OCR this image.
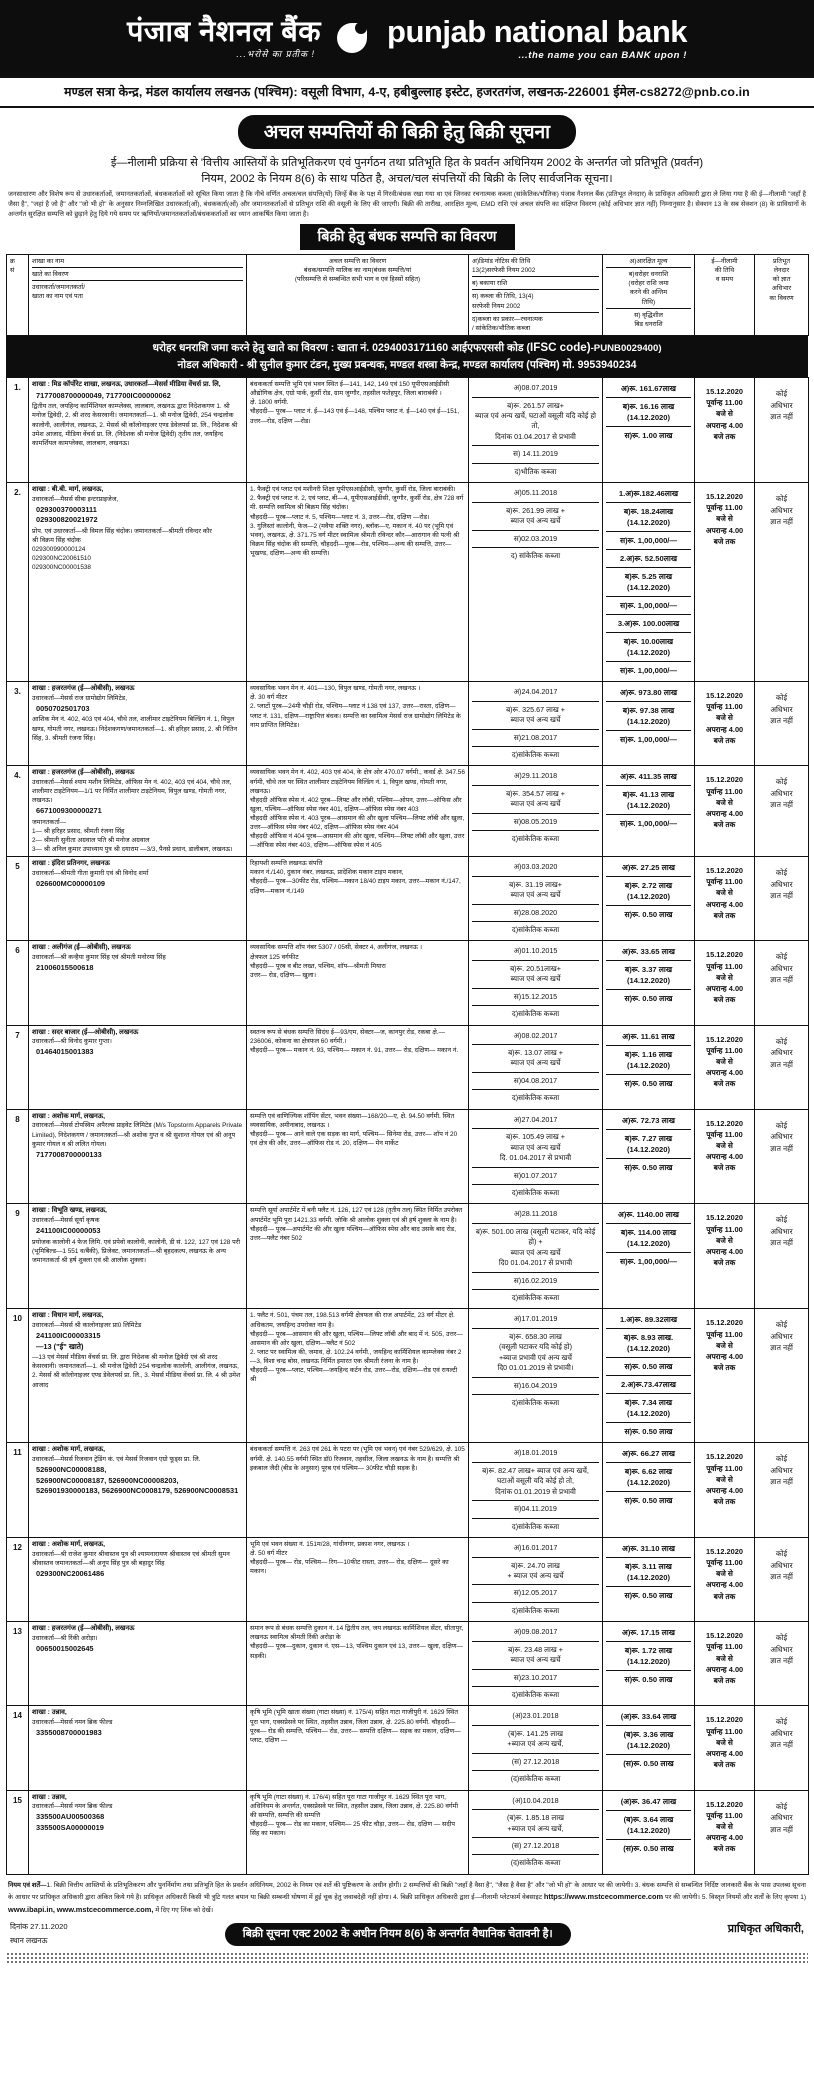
पंजाब नैशनल बैंक
...भरोसे का प्रतीक !
punjab national bank
...the name you can BANK upon !
मण्डल सत्रा केन्द्र, मंडल कार्यालय लखनऊ (पश्चिम): वसूली विभाग, 4-ए, हबीबुल्लाह इस्टेट, हजरतगंज, लखनऊ-226001 ईमेल-cs8272@pnb.co.in
अचल सम्पत्तियों की बिक्री हेतु बिक्री सूचना
ई—नीलामी प्रक्रिया से 'वित्तीय आस्तियों के प्रतिभूतिकरण एवं पुनर्गठन तथा प्रतिभूति हित के प्रवर्तन अधिनियम 2002 के अन्तर्गत जो प्रतिभूति (प्रवर्तन)
नियम, 2002 के नियम 8(6) के साथ पठित है, अचल/चल संपत्तियों की बिक्री के लिए सार्वजनिक सूचना।
जनसाधारण और विशेष रूप से उधारकर्ताओं, जमानतकर्ताओं, बंधककर्ताओं को सूचित किया जाता है कि नीचे वर्णित अचल/चल संपत्ति(यों) जिन्हें बैंक के पक्ष में गिरवी/बंधक रखा गया था एवं जिनका रचनात्मक कब्जा (सांकेतिक/भौतिक) पंजाब नैशनल बैंक (प्रतिभूत लेनदार) के प्राधिकृत अधिकारी द्वारा ले लिया गया है की ई—नीलामी "जहाँ है जैसा है", "जहां है जो है" और "जो भी हो" के अनुसार निम्नलिखित उधारकर्ता(ओं), बंधककर्ता(ओं) और जमानतकर्ताओं से प्रतिभूत राशि की वसूली के लिए की जाएगी। बिक्री की तारीख, आरक्षित मूल्य, EMD राशि एवं अचल संपत्ति का संक्षिप्त विवरण (कोई अधिभार ज्ञात नहीं) निम्नानुसार है। सेक्शन 13 के सब सेक्शन (8) के प्राविधानों के अन्तर्गत सुरक्षित सम्पत्ति को छुड़ाने हेतु दिये गये समय पर ऋणियों/जमानतकर्ताओं/बंधककर्ताओं का ध्यान आकर्षित किया जाता है।
बिक्री हेतु बंधक सम्पत्ति का विवरण
क्र
सं

शाखा का नाम
खाते का विवरण
उधारकर्ता/जमानतकर्ता/
खाता का नाम एवं पता

अचल सम्पत्ति का विवरण
बंधक/सम्पत्ति मालिक का नाम(बंधक सम्पत्ति/यां
(परिसम्पत्ति से सम्बन्धित सभी भाग व एवं हिस्सों सहित)

अ)डिमांड नोटिस की तिथि
13(2)सरफेसी नियम 2002
ब) बकाया राशि
स) कब्जा की तिथि, 13(4)
सरफेसी नियम 2002
द)कब्जा का प्रकार—रचनात्मक
/ सांकेतिक/भौतिक कब्जा

अ)आरक्षित मूल्य
ब)धरोहर धनराशि
(धरोहर राशि जमा
करने की अन्तिम
तिथि)
स) वृद्धिशील
बिड धनराशि

ई—नीलामी
की तिथि
व समय

प्रतिभूत
लेनदार
को ज्ञात
अधिभार
का विवरण
धरोहर धनराशि जमा करने हेतु खाते का विवरण : खाता नं. 0294003171160 आईएफएससी कोड (IFSC code)-PUNB0029400)
नोडल अधिकारी - श्री सुनील कुमार टंडन, मुख्य प्रबन्धक, मण्डल शस्त्रा केन्द्र, मण्डल कार्यालय (पश्चिम) मो. 9953940234
1.	शाखा : मिड कॉर्पोरेट शाखा, लखनऊ, उधारकर्ता—मेसर्स मीडिया वेंचर्स प्रा. लि,
7177008700000049, 717700IC00000062
द्वितीय तल, जयहिन्द कार्मिशियल काम्प्लेक्स, लालबाग, लखनऊ द्वारा निदेशकगण 1. श्री मनोज द्विवेदी, 2. श्री शरद केसरवानी। जमानतकर्ता—1. श्री मनोज द्विवेदी, 254 चन्द्रलोक कालोनी, आलीगंज, लखनऊ, 2. मेसर्स श्री कॉलोनाइजर एण्ड डेवेलपर्स प्रा. लि., निदेशक श्री उमेश आजाद, मीडिया वेंचर्स प्रा. लि. (निदेशक श्री मनोज द्विवेदी) तृतीय तल, जयहिन्द कामर्शियल कामप्लेक्स, लालबाग, लखनऊ।

बंधककर्ता सम्पत्ति भूमि एवं भवन स्थित ई—141, 142, 149 एवं 150 यूपीएसआईडीसी औद्योगिक क्षेत्र, एग्रो पार्क, कुर्सी रोड, ग्राम जुग्गौर, तहसील फतेहपुर, जिला बाराबंकी ।
क्षे. 1800 वर्गमी.
चौहददी— पूरब— प्लाट नं. ई—143 एवं ई—148, पश्चिम प्लाट नं. ई—140 एवं ई—151, उत्तर—रोड, दक्षिण —रोड।

अ)08.07.2019
ब)रू. 261.57 लाख+
ब्याज एवं अन्य खर्चे, घटाओं वसूली यदि कोई हो तो,
दिनांक 01.04.2017 से प्रभावी
स) 14.11.2019
द)भौतिक कब्जा

अ)रू. 161.67लाख
ब)रू. 16.16 लाख
(14.12.2020)
स)रू. 1.00 लाख

15.12.2020
पूर्वान्ह 11.00
बजे से
अपरान्ह 4.00
बजे तक

कोई
अधिभार
ज्ञात नहीं

2.	शाखा : बी.बी. मार्ग, लखनऊ,
उधारकर्ता—मैसर्स सीबा इन्टरप्राइजेज,
029300370003111
029300820021972
प्रोप. एवं उधारकर्ता—श्री विमल सिंह चंदोक। जमानतकर्ता—श्रीमती रविन्दर कौर
श्री विक्रम सिंह चंदोक
029300990000124
029300NC20061510
029300NC00001538

1. फैक्ट्री एवं प्लाट एवं मशीनरी शिक्षा यूपीएसआईडीसी, जुग्गौर, कुर्सी रोड, जिला बाराबंकी।
2. फैक्ट्री एवं प्लाट नं. 2, एवं प्लाट, बी—4, यूपीएसआईडीसी, जुग्गौर, कुर्सी रोड, क्षेत्र 728 वर्ग मी. सम्पत्ति स्वामित्व श्री बिक्रम सिंह चंदोक।
चौहददी— पूरब—प्लाट नं. 5, पश्चिम—प्लाट नं. 3, उत्तर—रोड, दक्षिण —रोड।
3. गुलिस्तां कालोनी, फेज—2 (मवैया शक्ति नगर), ब्लॉक—ए, मकान नं. 40 पर (भूमि एवं भवन), लखनऊ, क्षे. 371.75 वर्ग मीटर स्वामित्व श्रीमती रविन्दर कौर—आरागान की पत्नी श्री विक्रम सिंह चंदोक की सम्पत्ति, चौहददी—पूरब—रोड, पश्चिम—अन्य की सम्पत्ति, उत्तर—भूखण्ड, दक्षिण—अन्य की सम्पत्ति।

अ)05.11.2018
ब)रू. 261.99 लाख +
ब्याज एवं अन्य खर्चे
स)02.03.2019
द) सांकेतिक कब्जा

1.अ)रू.182.46लाख
ब)रू. 18.24लाख
(14.12.2020)
स)रू. 1,00,000/—
2.अ)रू. 52.50लाख
ब)रू. 5.25 लाख
(14.12.2020)
स)रू. 1,00,000/—
3.अ)रू. 100.00लाख
ब)रू. 10.00लाख
(14.12.2020)
स)रू. 1,00,000/—

15.12.2020
पूर्वान्ह 11.00
बजे से
अपरान्ह 4.00
बजे तक

कोई
अधिभार
ज्ञात नहीं

3.	शाखा : हजरतगंज (ई—ओबीसी), लखनऊ
उधारकर्ता—मेसर्स राज ग्रामोद्योग लिमिटेड,
0050702501703
आशिक मेन नं. 402, 403 एवं 404, चौथे तल, शालीमार टाइटेनियम बिल्डिंग नं. 1, विपुल खण्ड, गोमती नगर, लखनऊ। निदेशकगण/जमानतकर्ता—1. श्री हरिहर प्रसाद, 2. श्री नितिन सिंह, 3. श्रीमती रंजना सिंह।

व्यवसायिक भवन मेन नं. 401—130, विपुल खण्ड, गोमती नगर, लखनऊ ।
क्षे. 30 वर्ग मीटर
2. प्लाटों पूरब—24मी चौड़ी रोड, पश्चिम—प्लाट नं 138 एवं 137, उत्तर—रास्ता, दक्षिण—प्लाट नं. 131, दक्षिण—राष्ट्रापित्त बंधक। सम्पत्ति का स्वामित्व मेसर्स राज ग्रामोद्योग लिमिटेड के नाम प्राप्तित लिमिटेड।

अ)24.04.2017
ब)रू. 325.67 लाख +
ब्याज एवं अन्य खर्चे
स)21.08.2017
द)सांकेतिक कब्जा

अ)रू. 973.80 लाख
ब)रू. 97.38 लाख
(14.12.2020)
स)रू. 1,00,000/—

15.12.2020
पूर्वान्ह 11.00
बजे से
अपरान्ह 4.00
बजे तक

कोई
अधिभार
ज्ञात नहीं

4.	शाखा : हजरतगंज (ई—ओबीसी), लखनऊ
उधारकर्ता—मेसर्स श्याम मशीन लिमिटेड, ऑफिस मेन नं. 402, 403 एवं 404, चौथे तल, शालीमार टाइटेनियम—1/1 पर निर्मित शालीमार टाइटेनियम, विपुल खण्ड, गोमती नगर, लखनऊ।
6671009300000271
जमानतकर्ता—
1— श्री हरिहर प्रसाद, श्रीमती रंजना सिंह
2— श्रीमती सुनीता अग्रवाल पति श्री मनोज अग्रवाल
3— श्री अनिल कुमार उपाध्याय पुत्र श्री दयाराम —3/3, पैनसे प्रधान, डालीबाग, लखनऊ।

व्यवसायिक भवन मेन नं. 402, 403 एवं 404, के क्षेत्र ओर 470.07 वर्गमी., कवर्ड क्षे. 347.56 वर्गमी, चौथे तल पर स्थित शालीमार टाइटेनियम विल्डिंग नं. 1, विपुल खण्ड, गोमती नगर, लखनऊ।
चौहददी ऑफिस स्पेस नं. 402 पूरब—लिफ्ट और लॉबी, पश्चिम—ओपन, उत्तर—ओफिस और खुला, पश्चिम—ऑफिस स्पेस नंबर 401, दक्षिण—ऑफिस स्पेस नंबर 403
चौहददी ऑफिस स्पेस नं. 403 पूरब—आसमान की और खुला पश्चिम—लिफ्ट लॉबी और खुला, उत्तर—ऑफिस स्पेस नंबर 402, दक्षिण—ऑफिस स्पेस नंबर 404
चौहददी ऑफिस नं 404 पूरब—आसमान की ओर खुला, पश्चिम—लिफ्ट लॉबी और खुला, उत्तर—ऑफिस स्पेस नंबर 403, दक्षिण—ऑफिस स्पेस नं 405

अ)29.11.2018
ब)रू. 354.57 लाख +
ब्याज एवं अन्य खर्चे
स)08.05.2019
द)सांकेतिक कब्जा

अ)रू. 411.35 लाख
ब)रू. 41.13 लाख
(14.12.2020)
स)रू. 1,00,000/—

15.12.2020
पूर्वान्ह 11.00
बजे से
अपरान्ह 4.00
बजे तक

कोई
अधिभार
ज्ञात नहीं

5	शाखा : इंदिरा प्रतिनगर, लखनऊ
उधारकर्ता—श्रीमती गीता कुमारी एवं श्री विनोद शर्मा
026600MC00000109

रिहायशी सम्पत्ति लखनऊ संपत्ति
मकान नं./140, दुकान नंबर, लखनऊ, प्रादेशिक मकान टाइप मकान,
चौहददी— पूरब—30फीट रोड, पश्चिम—मकान 18/40 टाइप मकान, उत्तर—मकान नं./147, दक्षिण—मकान नं./149

अ)03.03.2020
ब)रू. 31.19 लाख+
ब्याज एवं अन्य खर्चे
स)28.08.2020
द)सांकेतिक कब्जा

अ)रू. 27.25 लाख
ब)रू. 2.72 लाख
(14.12.2020)
स)रू. 0.50 लाख

15.12.2020
पूर्वान्ह 11.00
बजे से
अपरान्ह 4.00
बजे तक

कोई
अधिभार
ज्ञात नहीं

6	शाखा : अलीगंज (ई—ओबीसी), लखनऊ
उधारकर्ता—श्री कन्हैया कुमार सिंह एवं श्रीमती मनोरमा सिंह
21006015500618

व्यवसायिक सम्पत्ति शॉप नंबर 5307 / 05सी, सेक्टर 4, अलीगंज, लखनऊ ।
क्षेत्रफल 125 वर्गफीट
चौहददी— पूरब व बीट लख्त, पश्चिम, शॉप—श्रीमती मियारा
उत्तर— रोड, दक्षिण— खुला।

अ)01.10.2015
ब)रू. 20.51लाख+
ब्याज एवं अन्य खर्चे
स)15.12.2015
द)सांकेतिक कब्जा

अ)रू. 33.65 लाख
ब)रू. 3.37 लाख
(14.12.2020)
स)रू. 0.50 लाख

15.12.2020
पूर्वान्ह 11.00
बजे से
अपरान्ह 4.00
बजे तक

कोई
अधिभार
ज्ञात नहीं

7	शाखा : सदर बाजार (ई—ओबीसी), लखनऊ
उधारकर्ता—श्री विनोद कुमार गुप्ता।
01464015001383

स्वतन्त्र रूप से बंधक सम्पत्ति सिदंध ई—93/एम, सेक्टर—ज, कानपुर रोड, रकबा क्षे.—236006, कोकना का क्षेत्रफल 60 वर्गमी.।
चौहददी— पूरब— मकान नं. 93, पश्चिम— मकान नं. 91, उत्तर— रोड, दक्षिण— मकान नं.

अ)08.02.2017
ब)रू. 13.07 लाख +
ब्याज एवं अन्य खर्चे
स)04.08.2017
द)सांकेतिक कब्जा

अ)रू. 11.61 लाख
ब)रू. 1.16 लाख
(14.12.2020)
स)रू. 0.50 लाख

15.12.2020
पूर्वान्ह 11.00
बजे से
अपरान्ह 4.00
बजे तक

कोई
अधिभार
ज्ञात नहीं

8	शाखा : अशोक मार्ग, लखनऊ,
उधारकर्ता—मेसर्स टोपस्विम अपैरल्स प्राइवेट लिमिटेड (M/s Topstorm Apparels Private Limited), निदेशकगण / जमानतकर्ता—श्री अशोक गुप्त व श्री सुशान्त गोयल एवं श्री अनूप कुमार गोयल व श्री ललित गोयल।
7177008700000133

सम्पत्ति एवं वाणिज्यिक शॉपिंग सेंटर, भवन संख्या—168/20—ए, क्षे. 94.50 वर्गमी. स्थित व्यवसायिक, अमीनाबाद, लखनऊ ।
चौहददी— पूरब— आने वाले एक सड़क का मार्ग, पश्चिम— सिनेमा रोड, उत्तर— शॉप नं 20 एवं क्षेत्र की और, उत्तर—ऑफिस रोड नं. 20, दक्षिण— मेन मार्केट

अ)27.04.2017
ब)रू. 105.49 लाख +
ब्याज एवं अन्य खर्चे
दि. 01.04.2017 से प्रभावी
स)01.07.2017
द)सांकेतिक कब्जा

अ)रू. 72.73 लाख
ब)रू. 7.27 लाख
(14.12.2020)
स)रू. 0.50 लाख

15.12.2020
पूर्वान्ह 11.00
बजे से
अपरान्ह 4.00
बजे तक

कोई
अधिभार
ज्ञात नहीं

9	शाखा : विभूति खण्ड, लखनऊ,
उधारकर्ता—मेसर्स सूर्या कृषक
241100IC00000053
प्रयोजक कालोनी 4 फेज लिमि. एवं प्रपेवो कालोनी, कालोनी, डी सं. 122, 127 एवं 128 परी (भूमिबिल्ड—1 551 व/बैंकी), प्रिजेक्ट, जमानतकर्ता—श्री बृहदकल्प, लखनऊ के अन्य जमानतकर्ता श्री हर्ष शुक्ला एवं श्री आलोक शुक्ला।

सम्पत्ति सूर्या अपार्टमेंट में बनी फ्लैट नं. 126, 127 एवं 128 (तृतीय तल) स्थित निर्मित उपरोक्त अपार्टमेंट भूमि पूरा 1421.33 वर्गमी. जोकि श्री आलोक शुक्ला एवं श्री हर्ष शुक्ला के नाम है।
चौहददी— पूरब—अपार्टमेंट की और खुला पश्चिम—ऑफिस स्पेस और बाद उसके बाद रोड, उत्तर—फ्लैट नंबर 502

अ)28.11.2018
ब)रू. 501.00 लाख (वसूली घटाकर, यदि कोई हो) +
ब्याज एवं अन्य खर्चे
दि0 01.04.2017 से प्रभावी
स)16.02.2019
द)सांकेतिक कब्जा

अ)रू. 1140.00 लाख
ब)रू. 114.00 लाख
(14.12.2020)
स)रू. 1,00,000/—

15.12.2020
पूर्वान्ह 11.00
बजे से
अपरान्ह 4.00
बजे तक

कोई
अधिभार
ज्ञात नहीं

10	शाखा : विधान मार्ग, लखनऊ,
उधारकर्ता—मेसर्स श्री कालोनाइजर प्रा0 लिमिटेड
241100IC00003315
—13 ("ई" खाते)
—13 एवं मेसर्स मीडिया वेंचर्स प्रा. लि. द्वारा निदेशक श्री मनोज द्विवेदी एवं श्री शरद केसरवानी। जमानतकर्ता—1. श्री मनोज द्विवेदी 254 चन्द्रलोक कालोनी, आलीगंज, लखनऊ, 2. मेसर्स श्री कॉलोनाइजर एण्ड डेवेलपर्स प्रा. लि., 3. मेसर्स मीडिया वेंचर्स प्रा. लि. 4 श्री उमेश आजाद

1. फ्लैट नं. 501, पंचम तल, 198.513 वर्गमी क्षेत्रफल की राज अपार्टमेंट, 23 वर्ग मीटर क्षे. अधिकतम, जयहिन्द उपरोक्त नाम है।
चौहददी— पूरब—आसमान की और खुला, पश्चिम—लिफ्ट लॉबी और बाद में नं. 505, उत्तर—आसमान की ओर खुला, दक्षिण—फ्लैट नं 502
2. प्लाट पर स्वामित्व की, जमाव, क्षे. 102.24 वर्गमी., जयहिन्द कार्मिशियल काम्प्लेक्स नंबर 2—3, विशा चन्द्र बोस, लखनऊ निर्मित इमारत एक श्रीमती रंजना के नाम है।
चौहददी— पूरब—प्लाट, पश्चिम—जयहिन्द कर्टन रोड, उत्तर—रोड, दक्षिण—रोड एवं रायल्टी श्री

अ)17.01.2019
ब)रू. 658.30 लाख
(वसूली घटाकर यदि कोई हो)
+ब्याज प्रभावी एवं अन्य खर्चे
दि0 01.01.2019 से प्रभावी।
स)16.04.2019
द)सांकेतिक कब्जा

1.अ)रू. 89.32लाख
ब)रू. 8.93 लाख.
(14.12.2020)
स)रू. 0.50 लाख
2.अ)रू.73.47लाख
ब)रू. 7.34 लाख
(14.12.2020)
स)रू. 0.50 लाख

15.12.2020
पूर्वान्ह 11.00
बजे से
अपरान्ह 4.00
बजे तक

कोई
अधिभार
ज्ञात नहीं

11	शाखा : अशोक मार्ग, लखनऊ,
उधारकर्ता—मेसर्स रिजवान ट्रेडिंग कं. एवं मेसर्स रिजवान एग्रो फूड्स प्रा. लि.
526900NC00008188,
526900NC00008187, 526900NC00008203, 526901930000183, 5626900NC0008179, 526900NC0008531

बंधककर्ता सम्पत्ति नं. 263 एवं 261 के पटरा पर (भूमि एवं भवन) एवं नंबर 529/629, क्षे. 105 वर्गमी. क्षे. 140.55 वर्गमी स्थित डॉ0 रिजवान, तहसील, जिला लखनऊ के नाम है। सम्पत्ति श्री इकबाल जैदी (बीड के अनुसार) पूरब एवं पश्चिम— 30फीट चौड़ी सड़क है।

अ)18.01.2019
ब)रू. 82.47 लाख+ ब्याज एवं अन्य खर्चे, घटाओं वसूली यदि कोई हो तो,
दिनांक 01.01.2019 से प्रभावी
स)04.11.2019
द)सांकेतिक कब्जा

अ)रू. 66.27 लाख
ब)रू. 6.62 लाख
(14.12.2020)
स)रू. 0.50 लाख

15.12.2020
पूर्वान्ह 11.00
बजे से
अपरान्ह 4.00
बजे तक

कोई
अधिभार
ज्ञात नहीं

12	शाखा : अशोक मार्ग, लखनऊ,
उधारकर्ता—श्री राजेश कुमार श्रीवास्तव पुत्र श्री श्यामनारायण श्रीवास्तव एवं श्रीमती सुमन श्रीवास्तव जमानतकर्ता—श्री अनूप सिंह पुत्र श्री बहादुर सिंह
029300NC20061486

भूमि एवं भवन संख्या नं. 151म/28, गांधीनगर, प्रकाश नगर, लखनऊ ।
क्षे. 50 वर्ग मीटर
चौहददी— पूरब— रोड, पश्चिम— रिग—10फीट रास्ता, उत्तर— रोड, दक्षिण— दूसरे का मकान।

अ)16.01.2017
ब)रू. 24.70 लाख
+ ब्याज एवं अन्य खर्चे
स)12.05.2017
द)सांकेतिक कब्जा

अ)रू. 31.10 लाख
ब)रू. 3.11 लाख
(14.12.2020)
स)रू. 0.50 लाख

15.12.2020
पूर्वान्ह 11.00
बजे से
अपरान्ह 4.00
बजे तक

कोई
अधिभार
ज्ञात नहीं

13	शाखा : हजरतगंज (ई—ओबीसी), लखनऊ
उधारकर्ता—श्री रिंकी अरोड़ा।
00650015002645

समान रूप से बंधक सम्पत्ति दुकान नं. 14 द्वितीय तल, जय लखनऊ कार्मिशियल सेंटर, सीतापुर, लखनऊ स्वामित्व श्रीमती रिंकी अरोड़ा के
चौहददी— पूरब—दुकान, दुकान नं. एस—13, पश्चिम दुकान एवं 13, उत्तर— खुला, दक्षिण— सड़की।

अ)09.08.2017
ब)रू. 23.48 लाख +
ब्याज एवं अन्य खर्चे
स)23.10.2017
द)सांकेतिक कब्जा

अ)रू. 17.15 लाख
ब)रू. 1.72 लाख
(14.12.2020)
स)रू. 0.50 लाख

15.12.2020
पूर्वान्ह 11.00
बजे से
अपरान्ह 4.00
बजे तक

कोई
अधिभार
ज्ञात नहीं

14	शाखा : उन्नाव,
उधारकर्ता—मेसर्स नमन ब्रिक फील्ड
3355008700001983

कृषि भूमि (भूमि खाता संख्या (गाटा संख्या) नं. 175/4) सहित गाटा गाजीपुरी नं. 1629 स्थित पूरा भाग, एक्सप्रेसवे पर स्थित, तहसील उन्नाव, जिला उन्नाव, क्षे. 225.80 वर्गमी. चौहददी— पूरब— रोड की सम्पत्ति, पश्चिम— रोड, उत्तर— सम्पत्ति दक्षिण— सड़क का मकान, दक्षिण—प्लाट, दक्षिण —

(अ)23.01.2018
(ब)रू. 141.25 लाख
+ब्याज एवं अन्य खर्चे,
(स) 27.12.2018
(द)सांकेतिक कब्जा

(अ)रू. 33.64 लाख
(ब)रू. 3.36 लाख
(14.12.2020)
(स)रू. 0.50 लाख

15.12.2020
पूर्वान्ह 11.00
बजे से
अपरान्ह 4.00
बजे तक

कोई
अधिभार
ज्ञात नहीं

15	शाखा : उन्नाव,
उधारकर्ता—मेसर्स नमन ब्रिक फील्ड
335500AU00500368
335500SA00000019

कृषि भूमि (गाटा संख्या) नं. 176/4) सहित पूरा गाटा गाजीपुर नं. 1629 स्थित पूरा भाग, अधिनियम के अन्तर्गत, एक्सप्रेसवे पर स्थित, तहसील उन्नाव, जिला उन्नाव, क्षे. 225.80 वर्गमी की सम्पत्ति, सम्पत्ति की सम्पत्ति
चौहददी— पूरब— रोड का मकान, पश्चिम— 25 फीट चौड़ा, उत्तर— रोड, दक्षिण — सदीप सिंह का मकान।

(अ)10.04.2018
(ब)रू. 1.85.18 लाख
+ब्याज एवं अन्य खर्चे,
(स) 27.12.2018
(द)सांकेतिक कब्जा

(अ)रू. 36.47 लाख
(ब)रू. 3.64 लाख
(14.12.2020)
(स)रू. 0.50 लाख

15.12.2020
पूर्वान्ह 11.00
बजे से
अपरान्ह 4.00
बजे तक

कोई
अधिभार
ज्ञात नहीं
नियम एवं शर्तें—1. बिक्री वित्तीय आस्तियों के प्रतिभूतिकरण और पुनर्निर्माण तथा प्रतिभूति हित के प्रवर्तन अधिनियम, 2002 के नियम एवं शर्ते की पुष्टिकरण के अधीन होगी। 2 सम्पत्तियों की बिक्री "जहाँ है वैसा है", "जैसा है वैसा है" और "जो भी हो" के आधार पर की जायेगी। 3. बंधक सम्पत्ति से सम्बन्धित निर्दिष्ट जानकारी बैंक के पास उपलब्ध सूचना के आधार पर प्राधिकृत अधिकारी द्वारा अंकित किये गये है। प्राधिकृत अधिकारी किसी भी त्रुटि गलत बयान या बिक्री सम्बन्धी घोषणा में हुई चूक हेतु जवाबदेही नहीं होगा। 4. बिक्री प्राधिकृत अधिकारी द्वारा ई—नीलामी प्लेटफार्म वेबसाइट https://www.mstcecommerce.com पर की जायेगी। 5. विस्तृत नियमों और शर्तों के लिए कृपया 1) www.ibapi.in, www.mstcecommerce.com, में दिए गए लिंक को देखें।
दिनांक 27.11.2020
स्थान लखनऊ
बिक्री सूचना एक्ट 2002 के अधीन नियम 8(6) के अन्तर्गत वैधानिक चेतावनी है।	प्राधिकृत अधिकारी,
